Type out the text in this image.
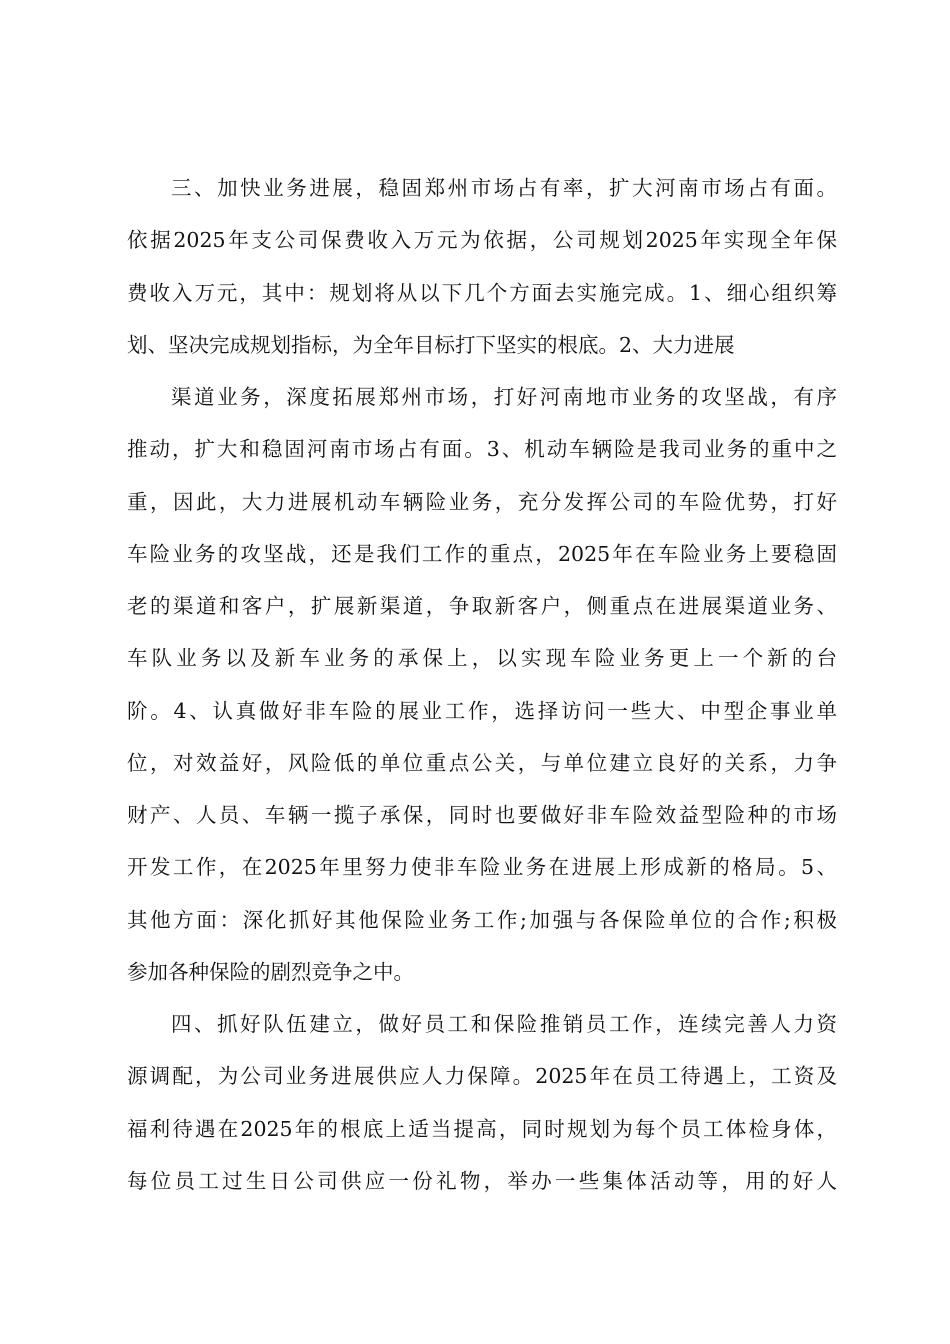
三、加快业务进展，稳固郑州市场占有率，扩大河南市场占有面。
依据2025年支公司保费收入万元为依据，公司规划2025年实现全年保
费收入万元，其中：规划将从以下几个方面去实施完成。1、细心组织筹
划、坚决完成规划指标，为全年目标打下坚实的根底。2、大力进展
渠道业务，深度拓展郑州市场，打好河南地市业务的攻坚战，有序
推动，扩大和稳固河南市场占有面。3、机动车辆险是我司业务的重中之
重，因此，大力进展机动车辆险业务，充分发挥公司的车险优势，打好
车险业务的攻坚战，还是我们工作的重点，2025年在车险业务上要稳固
老的渠道和客户，扩展新渠道，争取新客户，侧重点在进展渠道业务、
车队业务以及新车业务的承保上，以实现车险业务更上一个新的台
阶。4、认真做好非车险的展业工作，选择访问一些大、中型企事业单
位，对效益好，风险低的单位重点公关，与单位建立良好的关系，力争
财产、人员、车辆一揽子承保，同时也要做好非车险效益型险种的市场
开发工作，在2025年里努力使非车险业务在进展上形成新的格局。5、
其他方面：深化抓好其他保险业务工作;加强与各保险单位的合作;积极
参加各种保险的剧烈竞争之中。
四、抓好队伍建立，做好员工和保险推销员工作，连续完善人力资
源调配，为公司业务进展供应人力保障。2025年在员工待遇上，工资及
福利待遇在2025年的根底上适当提高，同时规划为每个员工体检身体，
每位员工过生日公司供应一份礼物，举办一些集体活动等，用的好人
